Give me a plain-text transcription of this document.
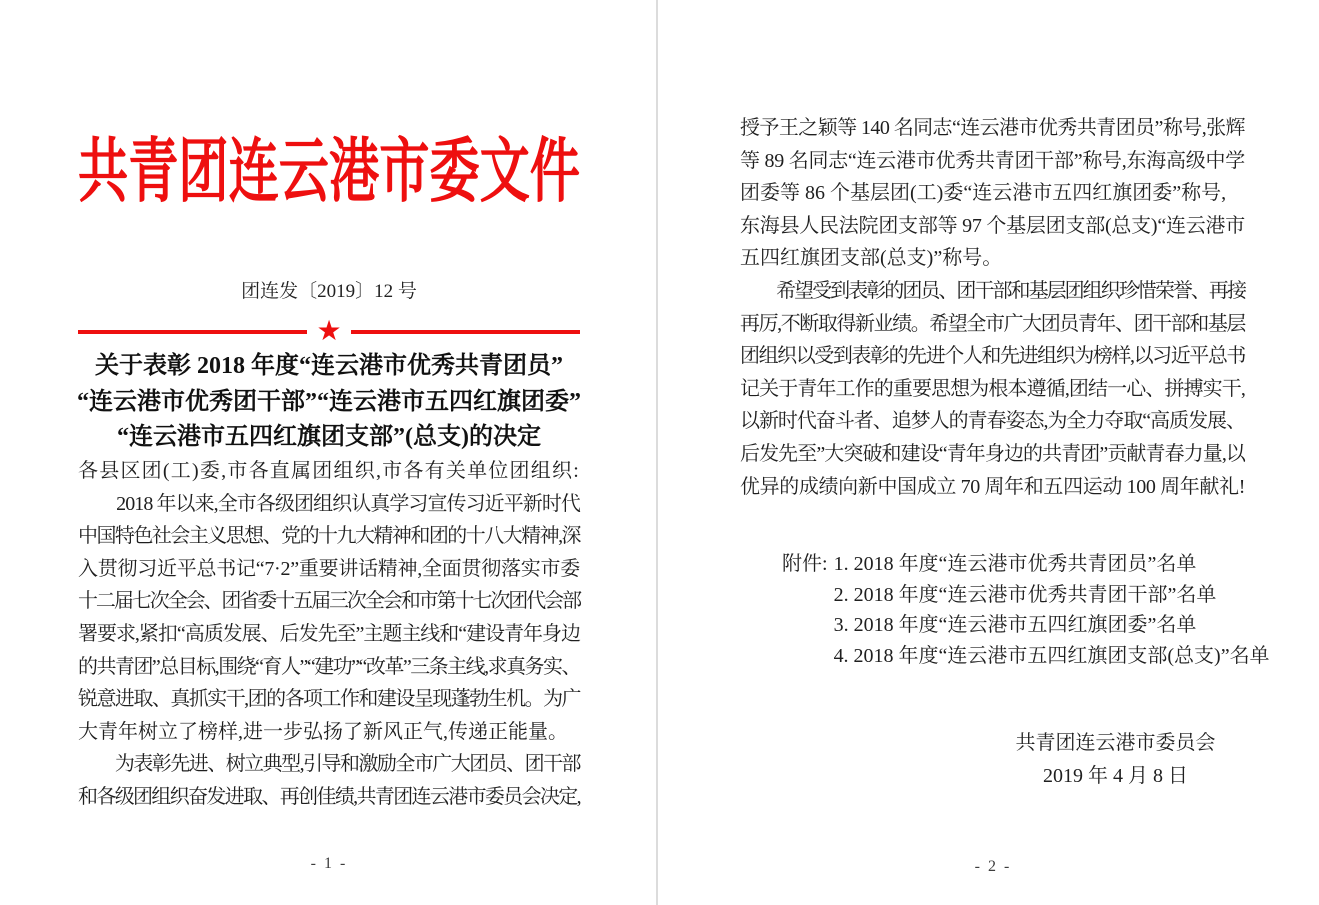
共青团连云港市委文件
团连发〔2019〕12 号
★
关于表彰 2018 年度“连云港市优秀共青团员”
“连云港市优秀团干部”“连云港市五四红旗团委”
“连云港市五四红旗团支部”(总支)的决定
各县区团(工)委,市各直属团组织,市各有关单位团组织:
　　2018 年以来,全市各级团组织认真学习宣传习近平新时代
中国特色社会主义思想、党的十九大精神和团的十八大精神,深
入贯彻习近平总书记“7·2”重要讲话精神,全面贯彻落实市委
十二届七次全会、团省委十五届三次全会和市第十七次团代会部
署要求,紧扣“高质发展、后发先至”主题主线和“建设青年身边
的共青团”总目标,围绕“育人”“建功”“改革”三条主线,求真务实、
锐意进取、真抓实干,团的各项工作和建设呈现蓬勃生机。为广
大青年树立了榜样,进一步弘扬了新风正气,传递正能量。
　　为表彰先进、树立典型,引导和激励全市广大团员、团干部
和各级团组织奋发进取、再创佳绩,共青团连云港市委员会决定,
- 1 -
授予王之颖等 140 名同志“连云港市优秀共青团员”称号,张辉
等 89 名同志“连云港市优秀共青团干部”称号,东海高级中学
团委等 86 个基层团(工)委“连云港市五四红旗团委”称号,
东海县人民法院团支部等 97 个基层团支部(总支)“连云港市
五四红旗团支部(总支)”称号。
　　希望受到表彰的团员、团干部和基层团组织珍惜荣誉、再接
再厉,不断取得新业绩。希望全市广大团员青年、团干部和基层
团组织以受到表彰的先进个人和先进组织为榜样,以习近平总书
记关于青年工作的重要思想为根本遵循,团结一心、拼搏实干,
以新时代奋斗者、追梦人的青春姿态,为全力夺取“高质发展、
后发先至”大突破和建设“青年身边的共青团”贡献青春力量,以
优异的成绩向新中国成立 70 周年和五四运动 100 周年献礼!
附件: 1. 2018 年度“连云港市优秀共青团员”名单
2. 2018 年度“连云港市优秀共青团干部”名单
3. 2018 年度“连云港市五四红旗团委”名单
4. 2018 年度“连云港市五四红旗团支部(总支)”名单
共青团连云港市委员会
2019 年 4 月 8 日
- 2 -
